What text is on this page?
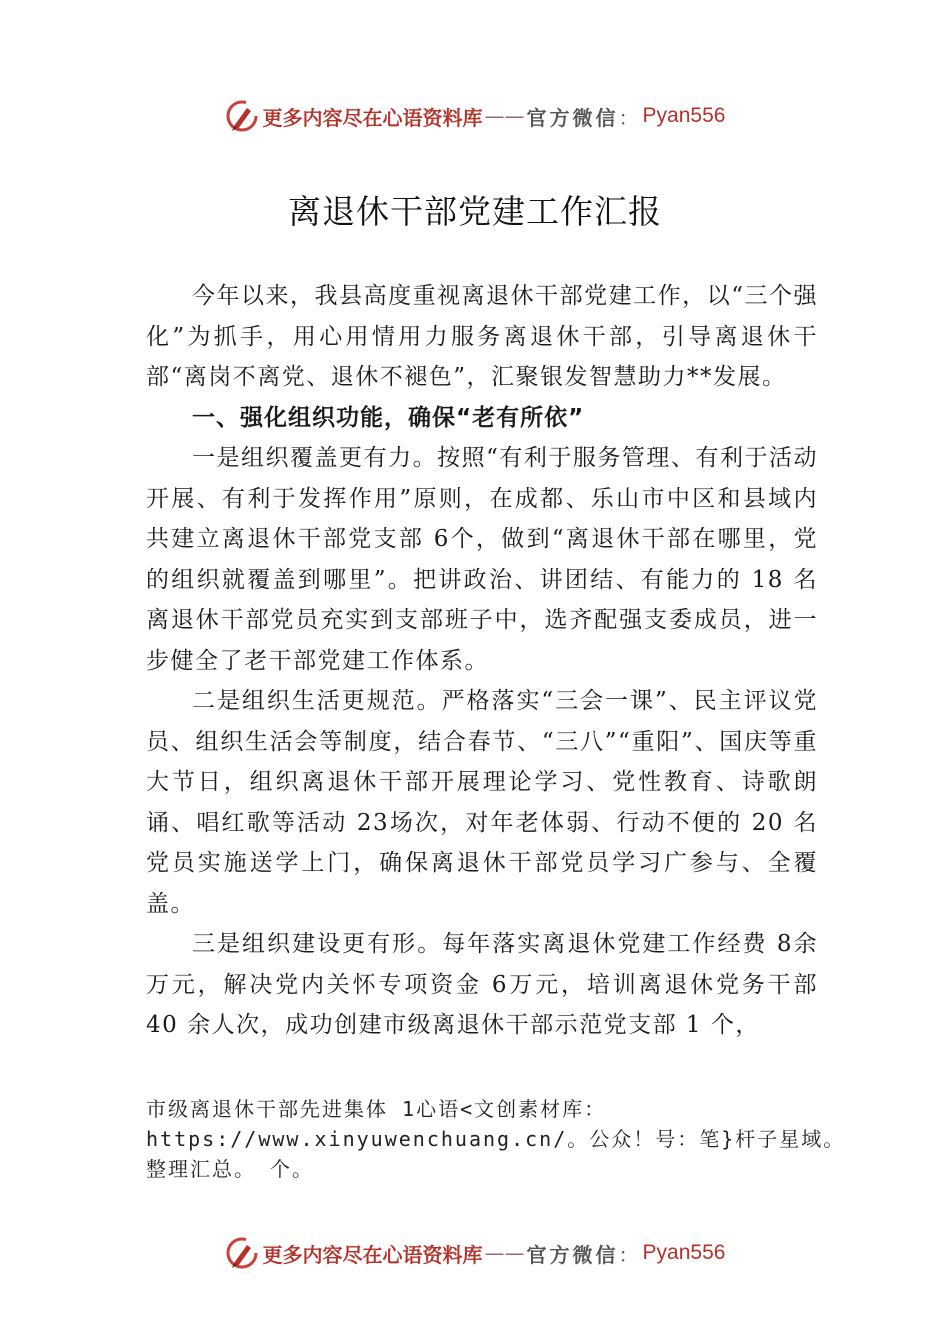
更多内容尽在心语资料库 —— 官方微信 ： Pyan556
离退休干部党建工作汇报

今年以来，我县高度重视离退休干部党建工作，以“三个强化”为抓手，用心用情用力服务离退休干部，引导离退休干部“离岗不离党、退休不褪色”，汇聚银发智慧助力**发展。

一、强化组织功能，确保“老有所依”

一是组织覆盖更有力。按照“有利于服务管理、有利于活动开展、有利于发挥作用”原则，在成都、乐山市中区和县域内共建立离退休干部党支部 6个，做到“离退休干部在哪里，党的组织就覆盖到哪里”。把讲政治、讲团结、有能力的 18 名离退休干部党员充实到支部班子中，选齐配强支委成员，进一步健全了老干部党建工作体系。

二是组织生活更规范。严格落实“三会一课”、民主评议党员、组织生活会等制度，结合春节、“三八”“重阳”、国庆等重大节日，组织离退休干部开展理论学习、党性教育、诗歌朗诵、唱红歌等活动 23场次，对年老体弱、行动不便的 20 名党员实施送学上门，确保离退休干部党员学习广参与、全覆盖。

三是组织建设更有形。每年落实离退休党建工作经费 8余万元，解决党内关怀专项资金 6万元，培训离退休党务干部 40 余人次，成功创建市级离退休干部示范党支部 1 个，

市级离退休干部先进集体 1心语<文创素材库：
https://www.xinyuwenchuang.cn/。公众！号：笔}杆子星域。
整理汇总。 个。
更多内容尽在心语资料库 —— 官方微信 ： Pyan556
